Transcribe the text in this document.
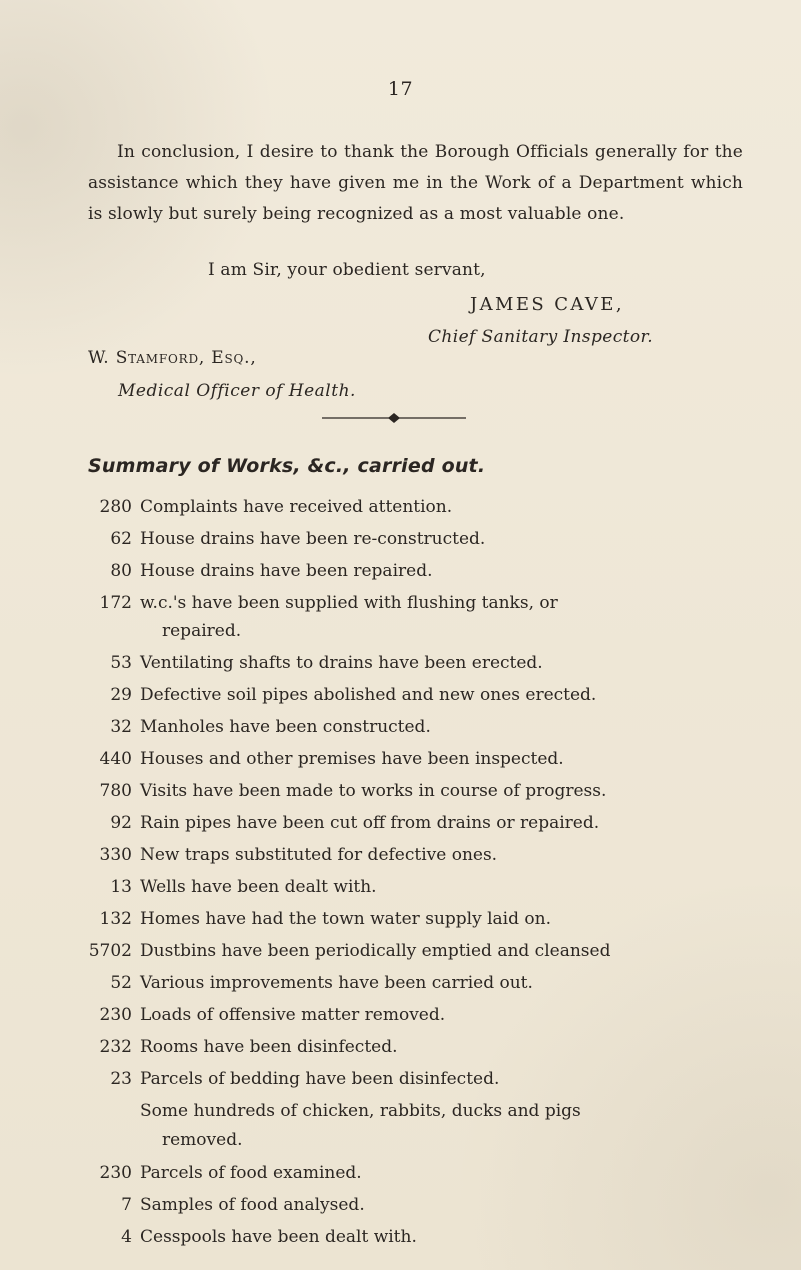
17

In conclusion, I desire to thank the Borough Officials generally for the assistance which they have given me in the Work of a Department which is slowly but surely being recognized as a most valuable one.

I am Sir, your obedient servant,
JAMES CAVE,
Chief Sanitary Inspector.
W. Stamford, Esq.,
Medical Officer of Health.
Summary of Works, &c., carried out.
280 Complaints have received attention.
62 House drains have been re-constructed.
80 House drains have been repaired.
172 w.c.'s have been supplied with flushing tanks, or
repaired.
53 Ventilating shafts to drains have been erected.
29 Defective soil pipes abolished and new ones erected.
32 Manholes have been constructed.
440 Houses and other premises have been inspected.
780 Visits have been made to works in course of progress.
92 Rain pipes have been cut off from drains or repaired.
330 New traps substituted for defective ones.
13 Wells have been dealt with.
132 Homes have had the town water supply laid on.
5702 Dustbins have been periodically emptied and cleansed
52 Various improvements have been carried out.
230 Loads of offensive matter removed.
232 Rooms have been disinfected.
23 Parcels of bedding have been disinfected.
Some hundreds of chicken, rabbits, ducks and pigs
removed.
230 Parcels of food examined.
7 Samples of food analysed.
4 Cesspools have been dealt with.
